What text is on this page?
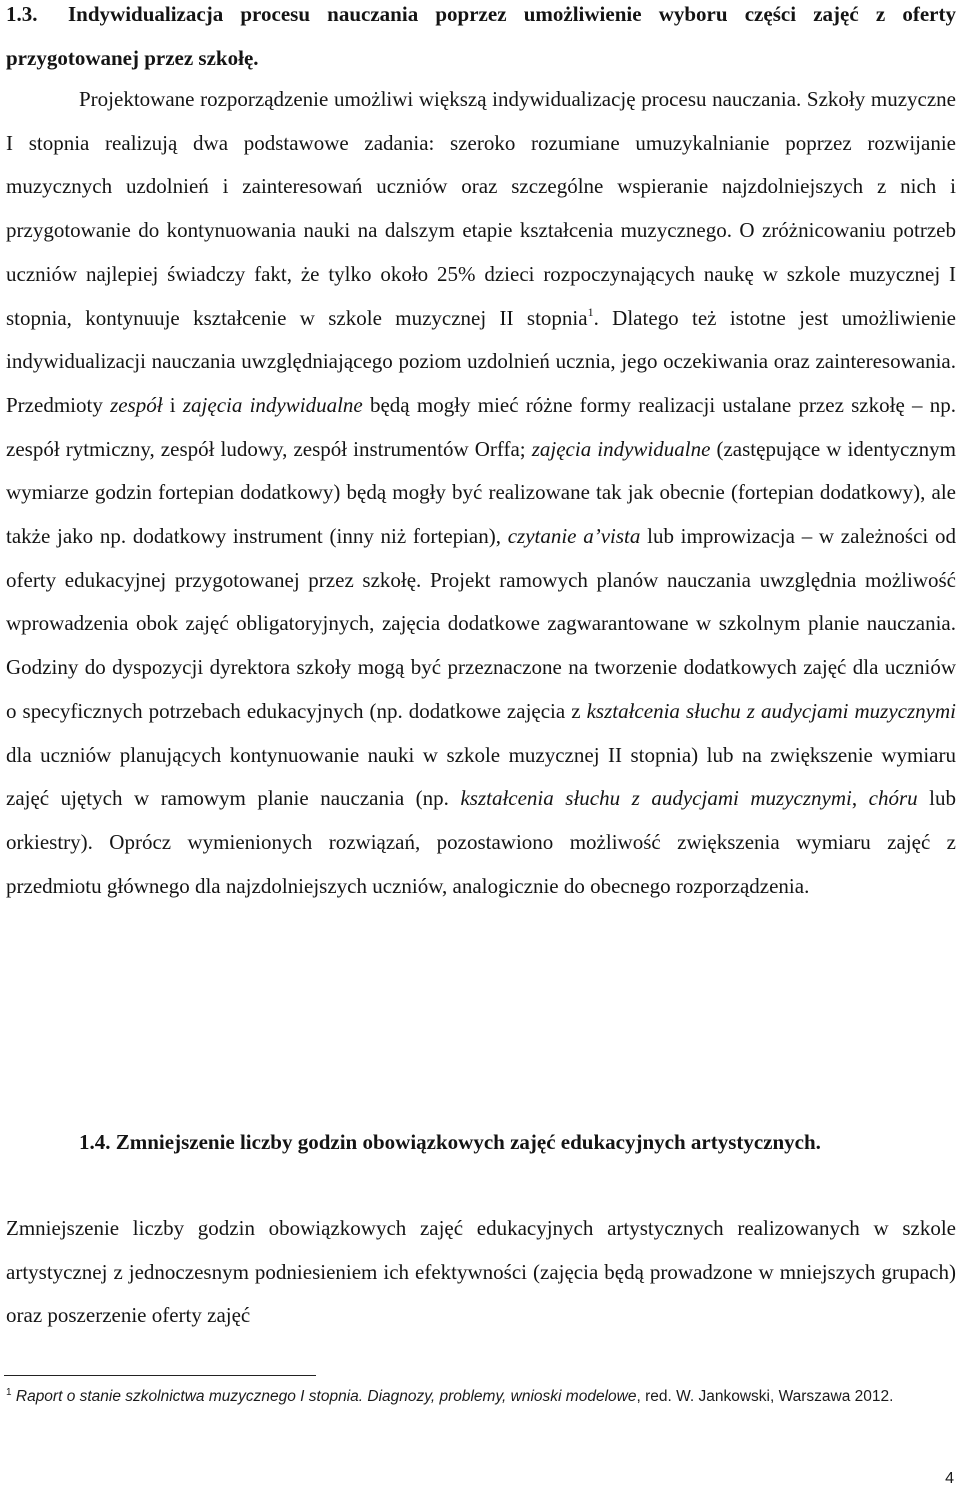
1.3. Indywidualizacja procesu nauczania poprzez umożliwienie wyboru części zajęć z oferty przygotowanej przez szkołę.
Projektowane rozporządzenie umożliwi większą indywidualizację procesu nauczania. Szkoły muzyczne I stopnia realizują dwa podstawowe zadania: szeroko rozumiane umuzykalnianie poprzez rozwijanie muzycznych uzdolnień i zainteresowań uczniów oraz szczególne wspieranie najzdolniejszych z nich i przygotowanie do kontynuowania nauki na dalszym etapie kształcenia muzycznego. O zróżnicowaniu potrzeb uczniów najlepiej świadczy fakt, że tylko około 25% dzieci rozpoczynających naukę w szkole muzycznej I stopnia, kontynuuje kształcenie w szkole muzycznej II stopnia$^1$. Dlatego też istotne jest umożliwienie indywidualizacji nauczania uwzględniającego poziom uzdolnień ucznia, jego oczekiwania oraz zainteresowania. Przedmioty zespół i zajęcia indywidualne będą mogły mieć różne formy realizacji ustalane przez szkołę – np. zespół rytmiczny, zespół ludowy, zespół instrumentów Orffa; zajęcia indywidualne (zastępujące w identycznym wymiarze godzin fortepian dodatkowy) będą mogły być realizowane tak jak obecnie (fortepian dodatkowy), ale także jako np. dodatkowy instrument (inny niż fortepian), czytanie a’vista lub improwizacja – w zależności od oferty edukacyjnej przygotowanej przez szkołę. Projekt ramowych planów nauczania uwzględnia możliwość wprowadzenia obok zajęć obligatoryjnych, zajęcia dodatkowe zagwarantowane w szkolnym planie nauczania. Godziny do dyspozycji dyrektora szkoły mogą być przeznaczone na tworzenie dodatkowych zajęć dla uczniów o specyficznych potrzebach edukacyjnych (np. dodatkowe zajęcia z kształcenia słuchu z audycjami muzycznymi dla uczniów planujących kontynuowanie nauki w szkole muzycznej II stopnia) lub na zwiększenie wymiaru zajęć ujętych w ramowym planie nauczania (np. kształcenia słuchu z audycjami muzycznymi, chóru lub orkiestry). Oprócz wymienionych rozwiązań, pozostawiono możliwość zwiększenia wymiaru zajęć z przedmiotu głównego dla najzdolniejszych uczniów, analogicznie do obecnego rozporządzenia.
1.4. Zmniejszenie liczby godzin obowiązkowych zajęć edukacyjnych artystycznych.
Zmniejszenie liczby godzin obowiązkowych zajęć edukacyjnych artystycznych realizowanych w szkole artystycznej z jednoczesnym podniesieniem ich efektywności (zajęcia będą prowadzone w mniejszych grupach) oraz poszerzenie oferty zajęć
$^1$ Raport o stanie szkolnictwa muzycznego I stopnia. Diagnozy, problemy, wnioski modelowe, red. W. Jankowski, Warszawa 2012.
4
